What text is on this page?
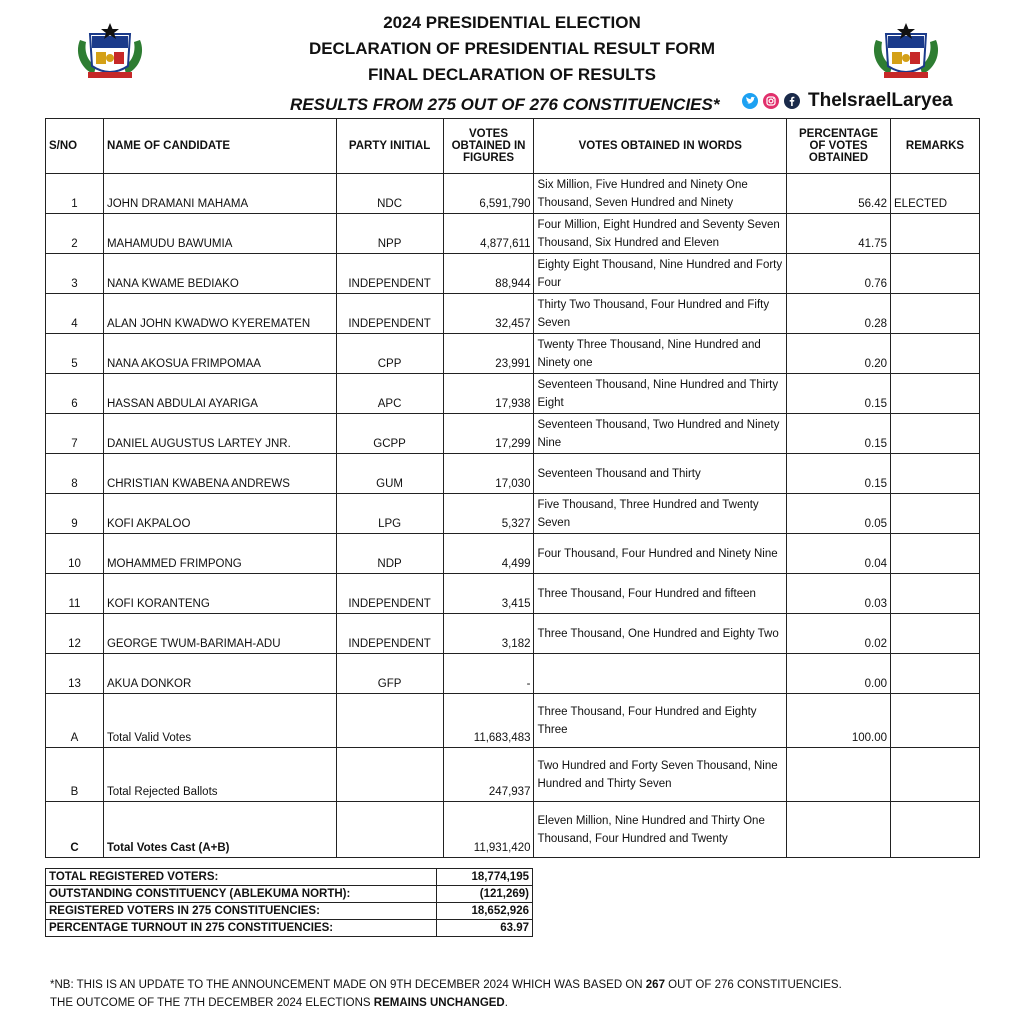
2024 PRESIDENTIAL ELECTION
DECLARATION OF PRESIDENTIAL RESULT FORM
FINAL DECLARATION OF RESULTS
RESULTS FROM 275 OUT OF 276 CONSTITUENCIES*	TheIsraelLaryea
S/NO	NAME OF CANDIDATE	PARTY INITIAL	VOTES OBTAINED IN FIGURES	VOTES OBTAINED IN WORDS	PERCENTAGE OF VOTES OBTAINED	REMARKS
1	JOHN DRAMANI MAHAMA	NDC	6,591,790	Six Million, Five Hundred and Ninety One Thousand, Seven Hundred and Ninety	56.42	ELECTED
2	MAHAMUDU BAWUMIA	NPP	4,877,611	Four Million, Eight Hundred and Seventy Seven Thousand, Six Hundred and Eleven	41.75	
3	NANA KWAME BEDIAKO	INDEPENDENT	88,944	Eighty Eight Thousand, Nine Hundred and Forty Four	0.76	
4	ALAN JOHN KWADWO KYEREMATEN	INDEPENDENT	32,457	Thirty Two Thousand, Four Hundred and Fifty Seven	0.28	
5	NANA AKOSUA FRIMPOMAA	CPP	23,991	Twenty Three Thousand, Nine Hundred and Ninety one	0.20	
6	HASSAN ABDULAI AYARIGA	APC	17,938	Seventeen Thousand, Nine Hundred and Thirty Eight	0.15	
7	DANIEL AUGUSTUS LARTEY JNR.	GCPP	17,299	Seventeen Thousand, Two Hundred and Ninety Nine	0.15	
8	CHRISTIAN KWABENA ANDREWS	GUM	17,030	Seventeen Thousand and Thirty	0.15	
9	KOFI AKPALOO	LPG	5,327	Five Thousand, Three Hundred and Twenty Seven	0.05	
10	MOHAMMED FRIMPONG	NDP	4,499	Four Thousand, Four Hundred and Ninety Nine	0.04	
11	KOFI KORANTENG	INDEPENDENT	3,415	Three Thousand, Four Hundred and fifteen	0.03	
12	GEORGE TWUM-BARIMAH-ADU	INDEPENDENT	3,182	Three Thousand, One Hundred and Eighty Two	0.02	
13	AKUA DONKOR	GFP	-		0.00	
A	Total Valid Votes		11,683,483	Three Thousand, Four Hundred and Eighty Three	100.00	
B	Total Rejected Ballots		247,937	Two Hundred and Forty Seven Thousand, Nine Hundred and Thirty Seven		
C	Total Votes Cast (A+B)		11,931,420	Eleven Million, Nine Hundred and Thirty One Thousand, Four Hundred and Twenty		
TOTAL REGISTERED VOTERS:	18,774,195
OUTSTANDING CONSTITUENCY (ABLEKUMA NORTH):	(121,269)
REGISTERED VOTERS IN 275 CONSTITUENCIES:	18,652,926
PERCENTAGE TURNOUT IN 275 CONSTITUENCIES:	63.97
*NB: THIS IS AN UPDATE TO THE ANNOUNCEMENT MADE ON 9TH DECEMBER 2024 WHICH WAS BASED ON 267 OUT OF 276 CONSTITUENCIES.
THE OUTCOME OF THE 7TH DECEMBER 2024 ELECTIONS REMAINS UNCHANGED.
